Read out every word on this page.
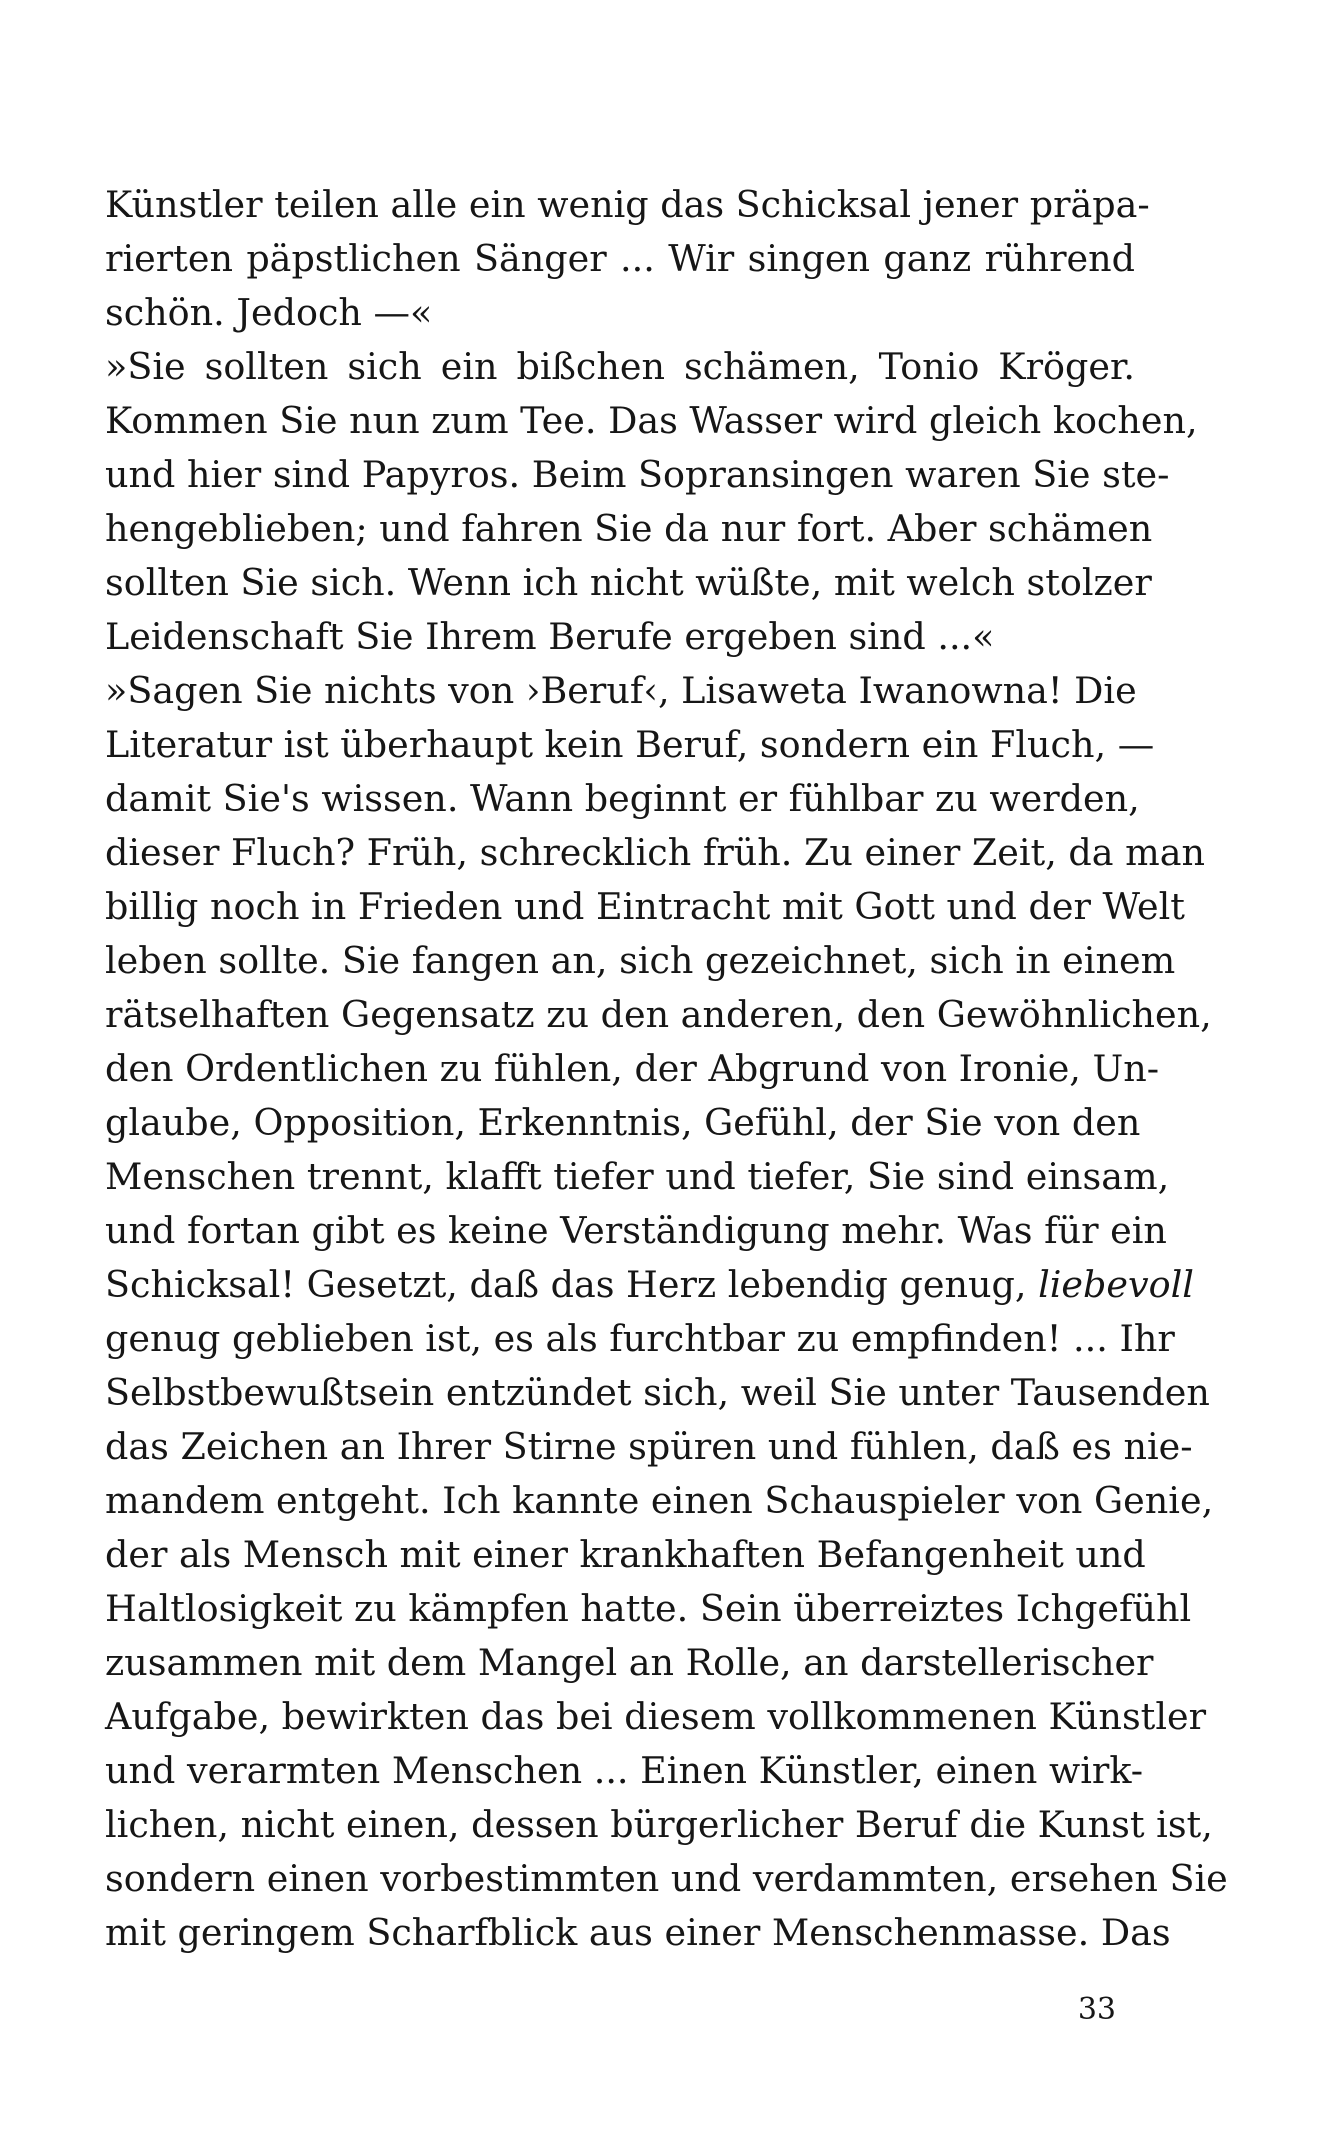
Künstler teilen alle ein wenig das Schicksal jener präpa-
rierten päpstlichen Sänger ... Wir singen ganz rührend
schön. Jedoch —«
»Sie sollten sich ein bißchen schämen, Tonio Kröger.
Kommen Sie nun zum Tee. Das Wasser wird gleich kochen,
und hier sind Papyros. Beim Sopransingen waren Sie ste-
hengeblieben; und fahren Sie da nur fort. Aber schämen
sollten Sie sich. Wenn ich nicht wüßte, mit welch stolzer
Leidenschaft Sie Ihrem Berufe ergeben sind ...«
»Sagen Sie nichts von ›Beruf‹, Lisaweta Iwanowna! Die
Literatur ist überhaupt kein Beruf, sondern ein Fluch, —
damit Sie's wissen. Wann beginnt er fühlbar zu werden,
dieser Fluch? Früh, schrecklich früh. Zu einer Zeit, da man
billig noch in Frieden und Eintracht mit Gott und der Welt
leben sollte. Sie fangen an, sich gezeichnet, sich in einem
rätselhaften Gegensatz zu den anderen, den Gewöhnlichen,
den Ordentlichen zu fühlen, der Abgrund von Ironie, Un-
glaube, Opposition, Erkenntnis, Gefühl, der Sie von den
Menschen trennt, klafft tiefer und tiefer, Sie sind einsam,
und fortan gibt es keine Verständigung mehr. Was für ein
Schicksal! Gesetzt, daß das Herz lebendig genug, liebevoll
genug geblieben ist, es als furchtbar zu empfinden! ... Ihr
Selbstbewußtsein entzündet sich, weil Sie unter Tausenden
das Zeichen an Ihrer Stirne spüren und fühlen, daß es nie-
mandem entgeht. Ich kannte einen Schauspieler von Genie,
der als Mensch mit einer krankhaften Befangenheit und
Haltlosigkeit zu kämpfen hatte. Sein überreiztes Ichgefühl
zusammen mit dem Mangel an Rolle, an darstellerischer
Aufgabe, bewirkten das bei diesem vollkommenen Künstler
und verarmten Menschen ... Einen Künstler, einen wirk-
lichen, nicht einen, dessen bürgerlicher Beruf die Kunst ist,
sondern einen vorbestimmten und verdammten, ersehen Sie
mit geringem Scharfblick aus einer Menschenmasse. Das
33
